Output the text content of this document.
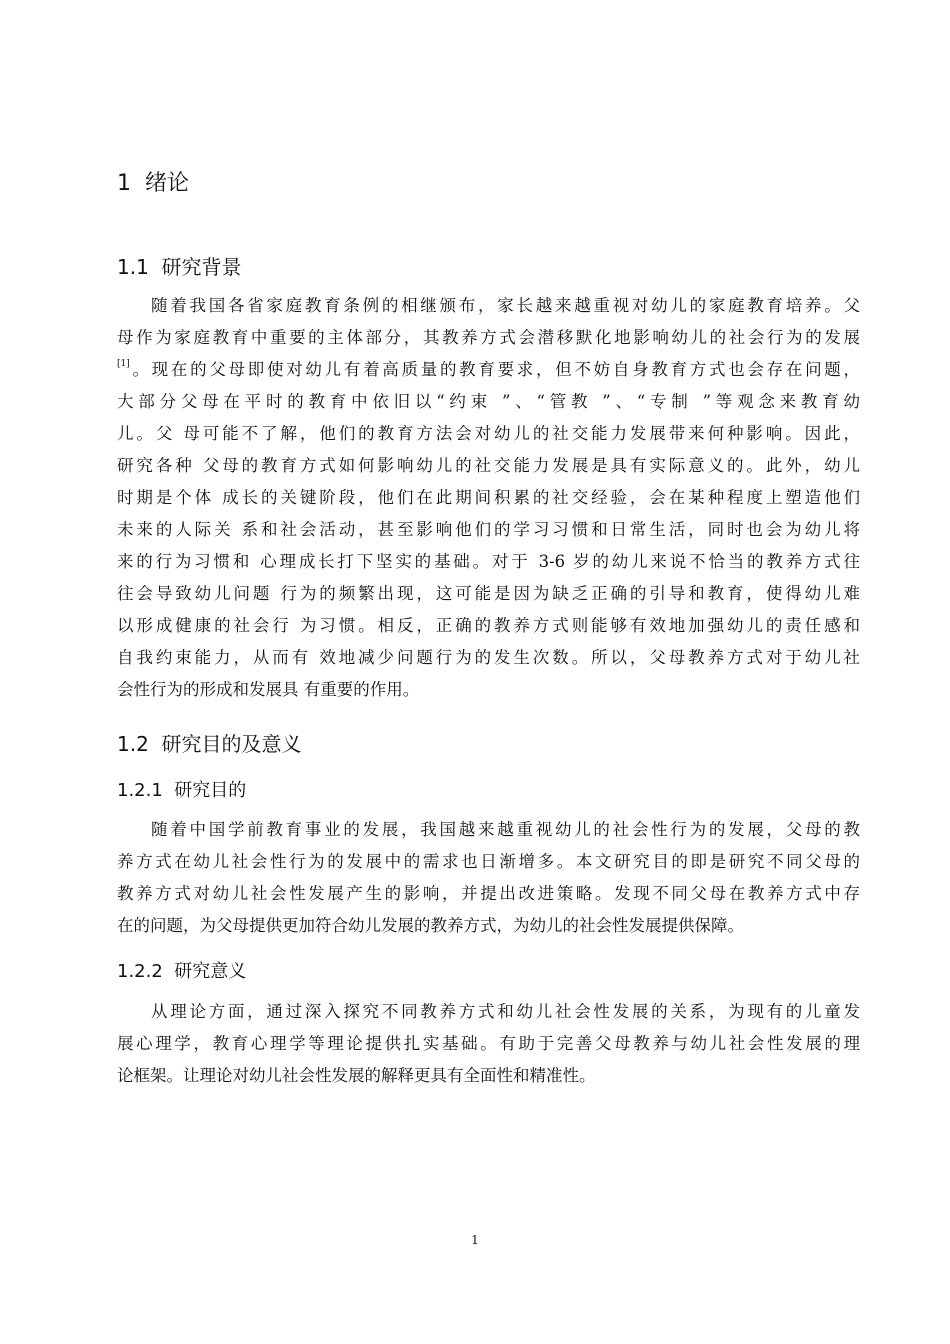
1  绪论
1.1  研究背景
随着我国各省家庭教育条例的相继颁布，家长越来越重视对幼儿的家庭教育培养。父
母作为家庭教育中重要的主体部分，其教养方式会潜移默化地影响幼儿的社会行为的发展
[1]。现在的父母即使对幼儿有着高质量的教育要求，但不妨自身教育方式也会存在问题，
大部分父母在平时的教育中依旧以“约束 ”、“管教 ”、“专制 ”等观念来教育幼
儿。父 母可能不了解，他们的教育方法会对幼儿的社交能力发展带来何种影响。因此，
研究各种 父母的教育方式如何影响幼儿的社交能力发展是具有实际意义的。此外，幼儿
时期是个体 成长的关键阶段，他们在此期间积累的社交经验，会在某种程度上塑造他们
未来的人际关 系和社会活动，甚至影响他们的学习习惯和日常生活，同时也会为幼儿将
来的行为习惯和 心理成长打下坚实的基础。对于 3-6 岁的幼儿来说不恰当的教养方式往
往会导致幼儿问题 行为的频繁出现，这可能是因为缺乏正确的引导和教育，使得幼儿难
以形成健康的社会行 为习惯。相反，正确的教养方式则能够有效地加强幼儿的责任感和
自我约束能力，从而有 效地减少问题行为的发生次数。所以，父母教养方式对于幼儿社
会性行为的形成和发展具 有重要的作用。
1.2  研究目的及意义
1.2.1  研究目的
随着中国学前教育事业的发展，我国越来越重视幼儿的社会性行为的发展，父母的教
养方式在幼儿社会性行为的发展中的需求也日渐增多。本文研究目的即是研究不同父母的
教养方式对幼儿社会性发展产生的影响，并提出改进策略。发现不同父母在教养方式中存
在的问题，为父母提供更加符合幼儿发展的教养方式，为幼儿的社会性发展提供保障。
1.2.2  研究意义
从理论方面，通过深入探究不同教养方式和幼儿社会性发展的关系，为现有的儿童发
展心理学，教育心理学等理论提供扎实基础。有助于完善父母教养与幼儿社会性发展的理
论框架。让理论对幼儿社会性发展的解释更具有全面性和精准性。
1
